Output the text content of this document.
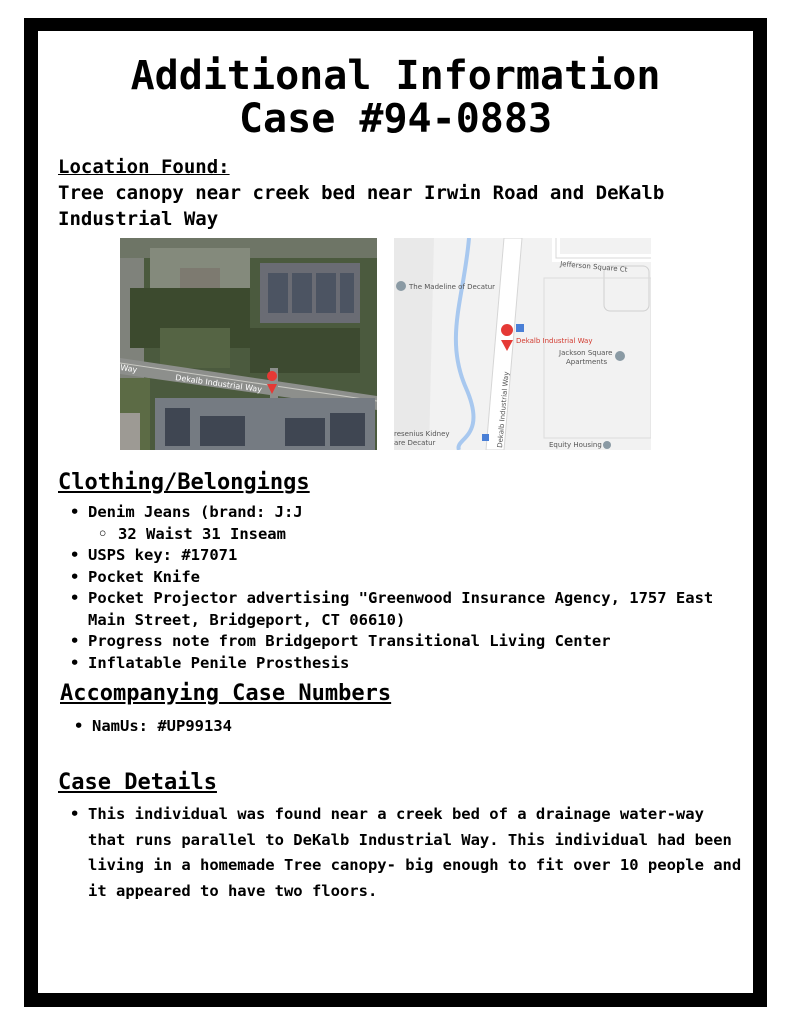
Additional Information
Case #94-0883
Location Found:
Tree canopy near creek bed near Irwin Road and DeKalb Industrial Way
Dekalb Industrial Way
Way
Jefferson Square Ct
The Madeline of Decatur
Dekalb Industrial Way
Jackson Square
Apartments
Dekalb Industrial Way
resenius Kidney
are Decatur	Equity Housing
Clothing/Belongings
• Denim Jeans (brand: J:J
◦ 32 Waist 31 Inseam
• USPS key: #17071
• Pocket Knife
• Pocket Projector advertising "Greenwood Insurance Agency, 1757 East Main Street, Bridgeport, CT 06610)
• Progress note from Bridgeport Transitional Living Center
• Inflatable Penile Prosthesis
Accompanying Case Numbers
• NamUs: #UP99134
Case Details
• This individual was found near a creek bed of a drainage water-way that runs parallel to DeKalb Industrial Way. This individual had been living in a homemade Tree canopy- big enough to fit over 10 people and it appeared to have two floors.
